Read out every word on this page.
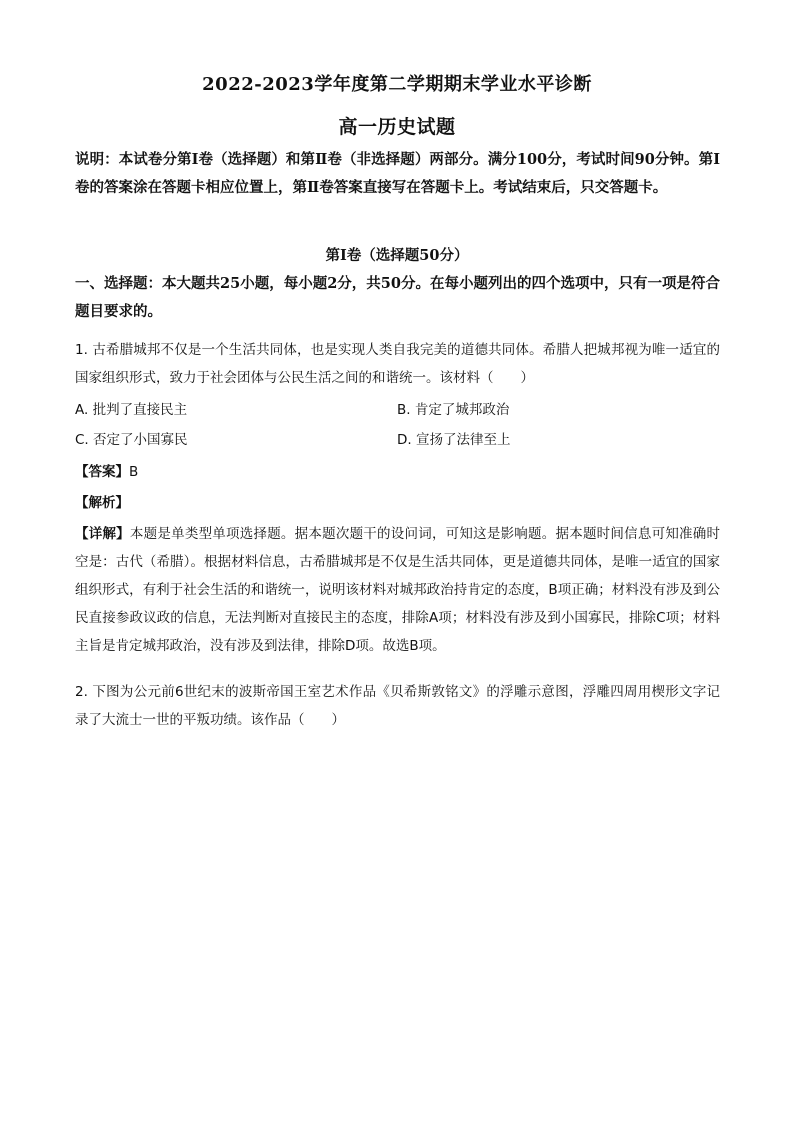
2022-2023学年度第二学期期末学业水平诊断
高一历史试题
说明：本试卷分第Ⅰ卷（选择题）和第Ⅱ卷（非选择题）两部分。满分100分，考试时间90分钟。第Ⅰ卷的答案涂在答题卡相应位置上，第Ⅱ卷答案直接写在答题卡上。考试结束后，只交答题卡。
第Ⅰ卷（选择题50分）
一、选择题：本大题共25小题，每小题2分，共50分。在每小题列出的四个选项中，只有一项是符合题目要求的。
1. 古希腊城邦不仅是一个生活共同体，也是实现人类自我完美的道德共同体。希腊人把城邦视为唯一适宜的国家组织形式，致力于社会团体与公民生活之间的和谐统一。该材料（　　）
A. 批判了直接民主	B. 肯定了城邦政治
C. 否定了小国寡民	D. 宣扬了法律至上
【答案】B
【解析】
【详解】本题是单类型单项选择题。据本题次题干的设问词，可知这是影响题。据本题时间信息可知准确时空是：古代（希腊）。根据材料信息，古希腊城邦是不仅是生活共同体，更是道德共同体，是唯一适宜的国家组织形式，有利于社会生活的和谐统一，说明该材料对城邦政治持肯定的态度，B项正确；材料没有涉及到公民直接参政议政的信息，无法判断对直接民主的态度，排除A项；材料没有涉及到小国寡民，排除C项；材料主旨是肯定城邦政治，没有涉及到法律，排除D项。故选B项。
2. 下图为公元前6世纪末的波斯帝国王室艺术作品《贝希斯敦铭文》的浮雕示意图，浮雕四周用楔形文字记录了大流士一世的平叛功绩。该作品（　　）
